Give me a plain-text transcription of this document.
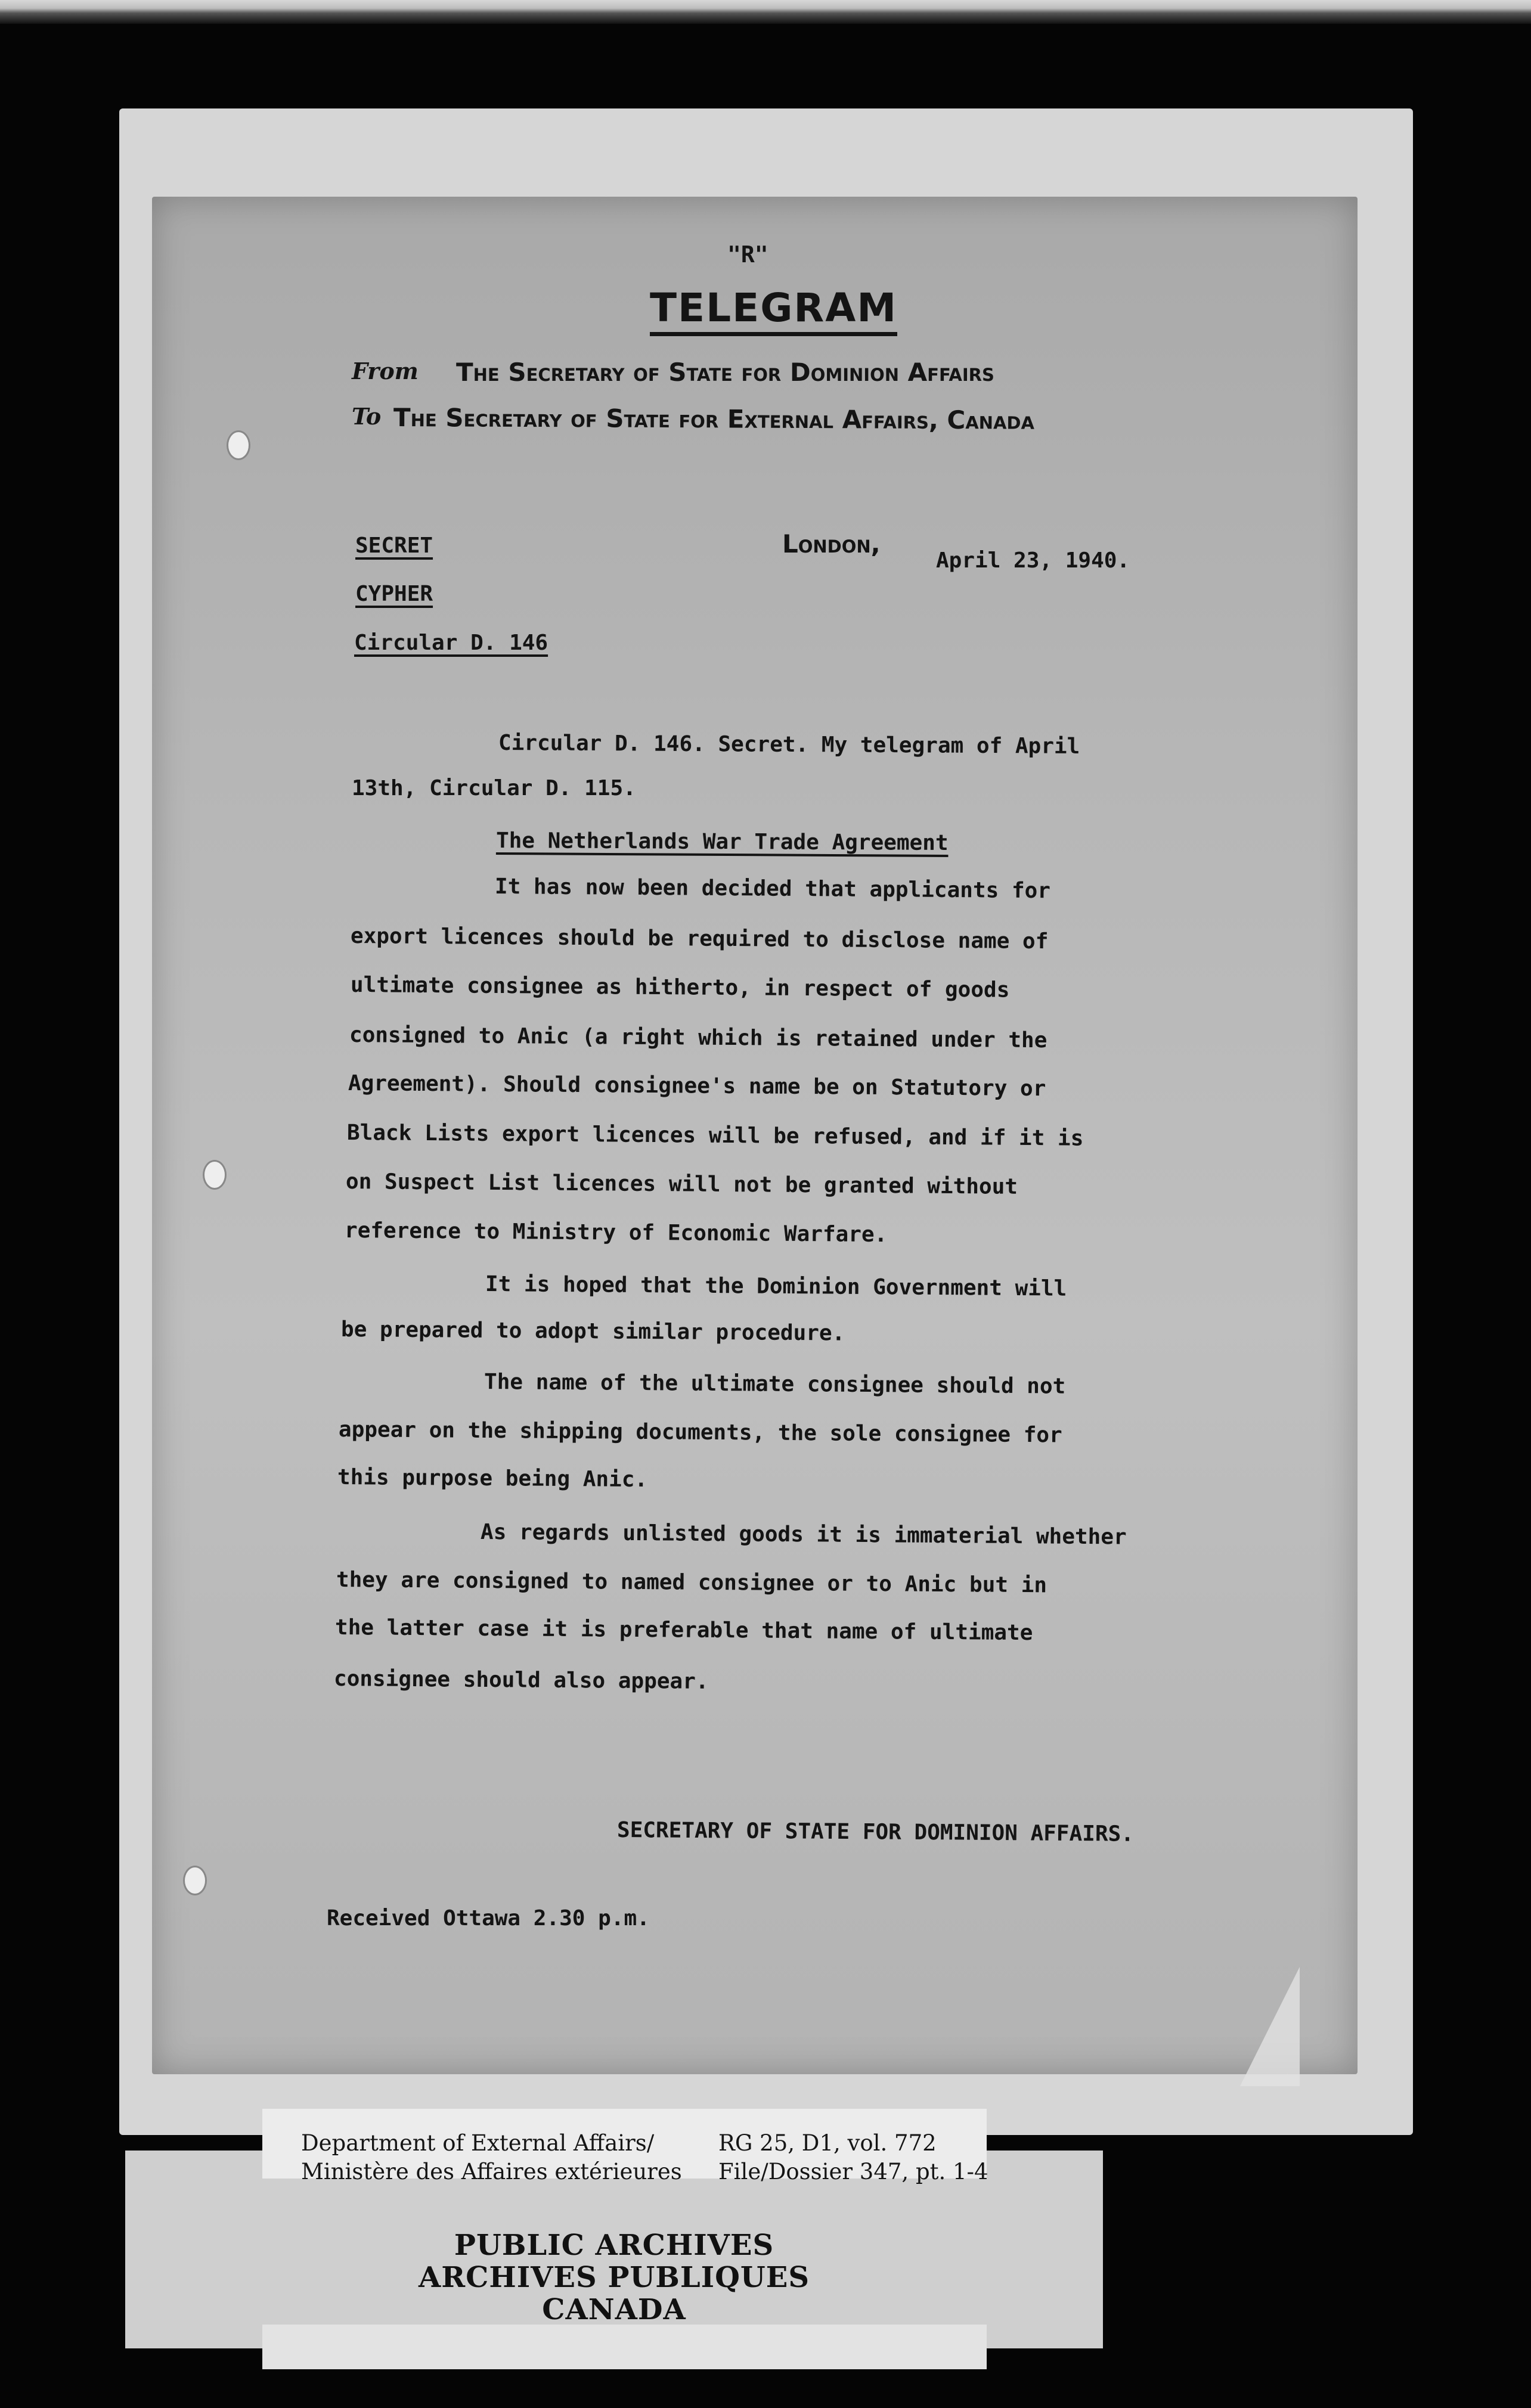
"R"
TELEGRAM
From The Secretary of State for Dominion Affairs
To The Secretary of State for External Affairs, Canada
SECRET
CYPHER
Circular D. 146
London,
April 23, 1940.
Circular D. 146. Secret. My telegram of April
13th, Circular D. 115.
The Netherlands War Trade Agreement
It has now been decided that applicants for
export licences should be required to disclose name of
ultimate consignee as hitherto, in respect of goods
consigned to Anic (a right which is retained under the
Agreement). Should consignee's name be on Statutory or
Black Lists export licences will be refused, and if it is
on Suspect List licences will not be granted without
reference to Ministry of Economic Warfare.
It is hoped that the Dominion Government will
be prepared to adopt similar procedure.
The name of the ultimate consignee should not
appear on the shipping documents, the sole consignee for
this purpose being Anic.
As regards unlisted goods it is immaterial whether
they are consigned to named consignee or to Anic but in
the latter case it is preferable that name of ultimate
consignee should also appear.
SECRETARY OF STATE FOR DOMINION AFFAIRS.
Received Ottawa 2.30 p.m.
Department of External Affairs/
Ministère des Affaires extérieures
RG 25, D1, vol. 772
File/Dossier 347, pt. 1-4
PUBLIC ARCHIVES
ARCHIVES PUBLIQUES
CANADA
